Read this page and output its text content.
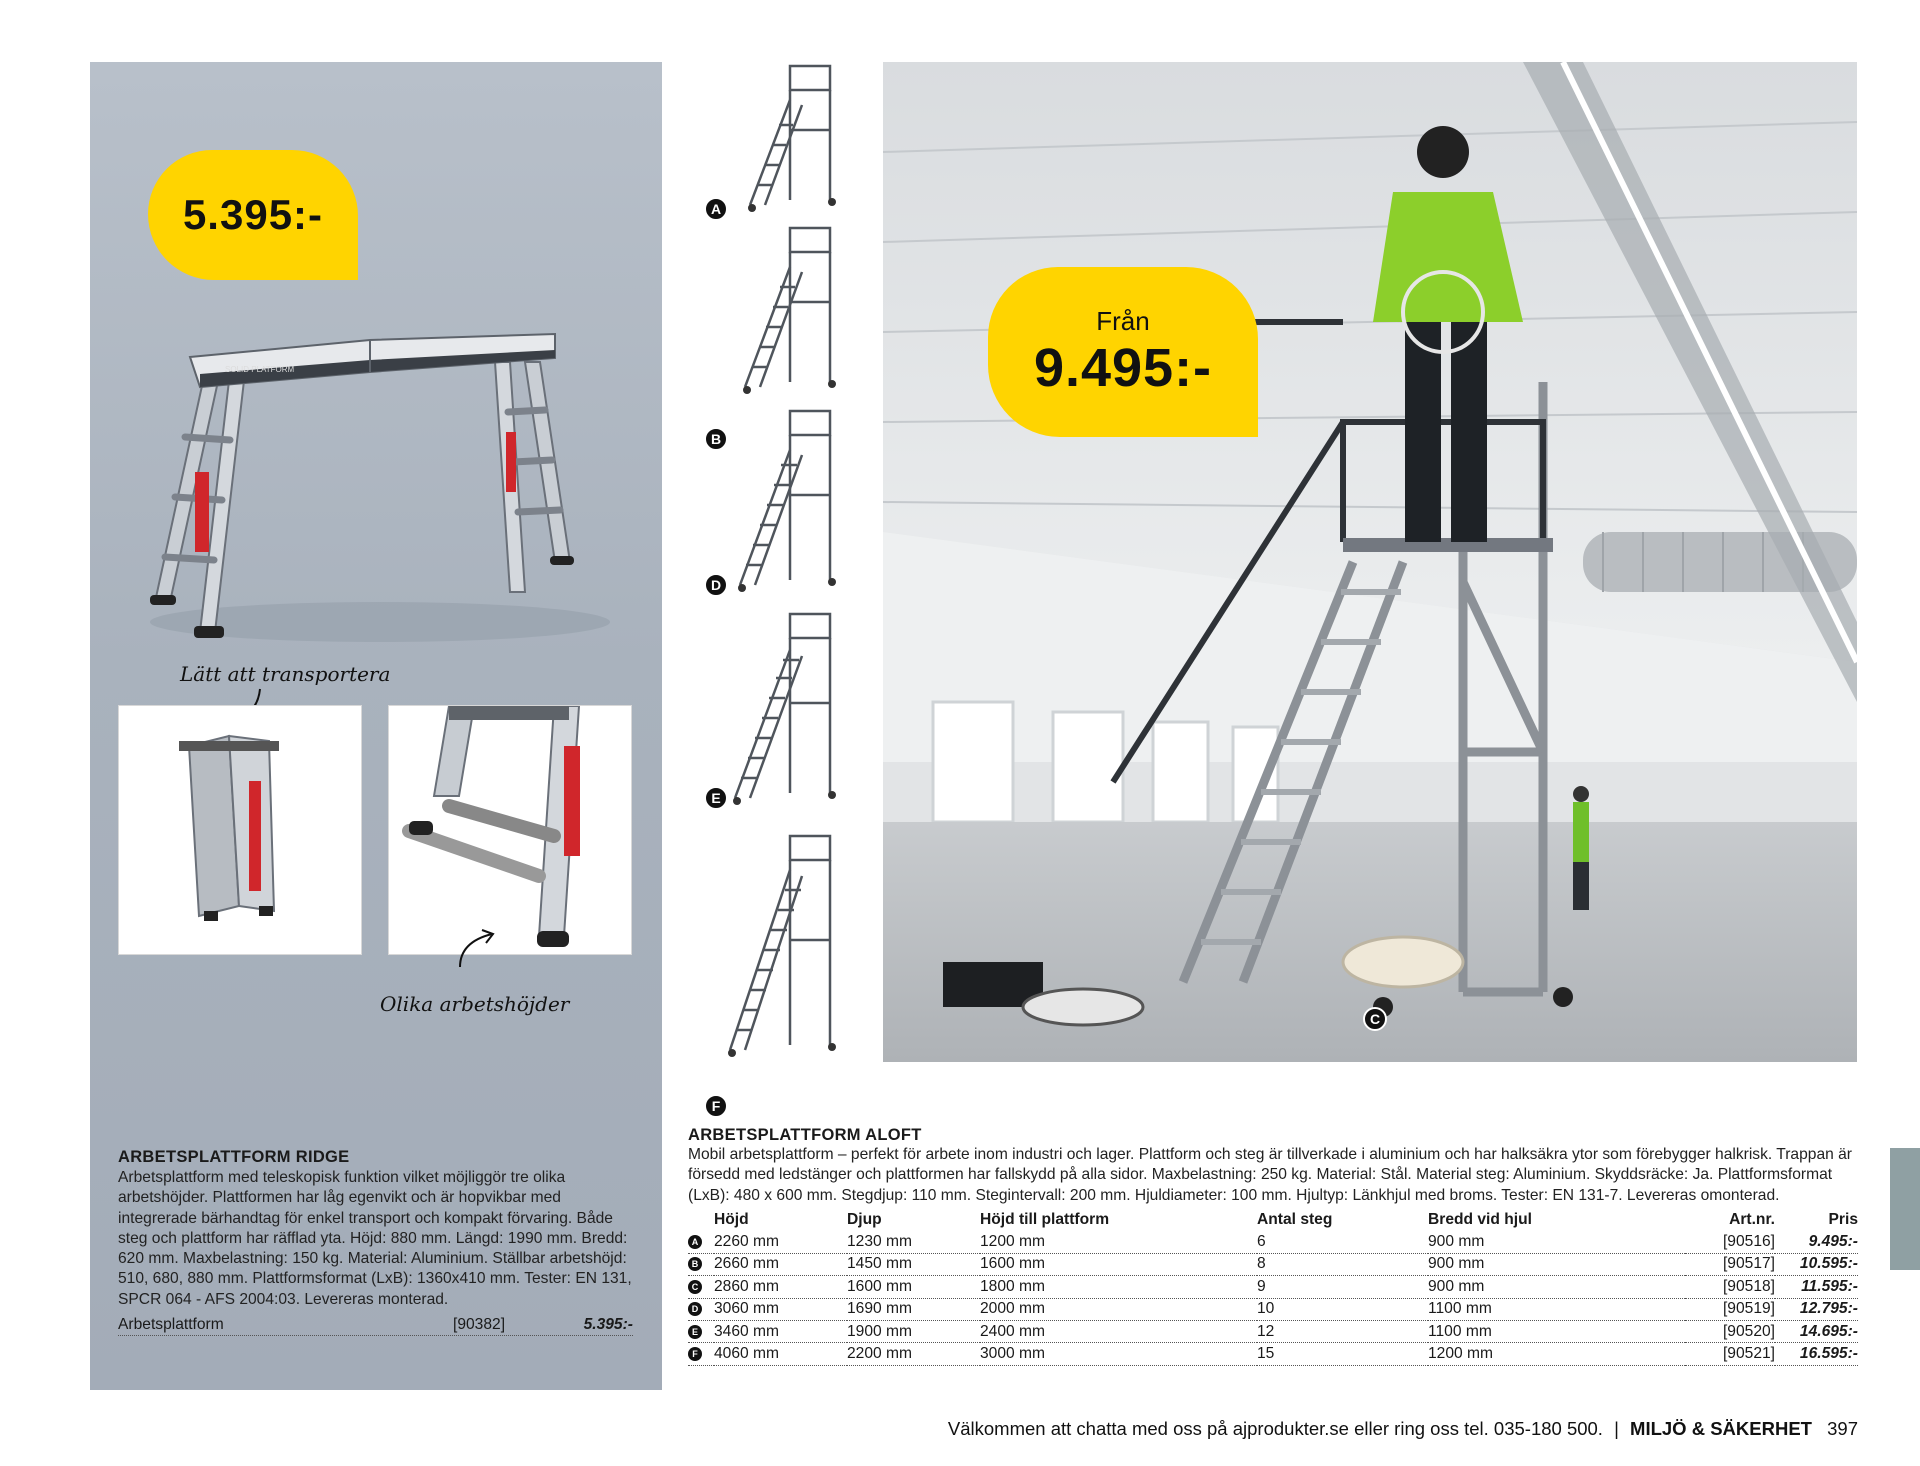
5.395:-
SOLID PLATFORM
Lätt att transportera
Olika arbetshöjder
ARBETSPLATTFORM RIDGE
Arbetsplattform med teleskopisk funktion vilket möjliggör tre olika arbetshöjder. Plattformen har låg egenvikt och är hopvikbar med integrerade bärhandtag för enkel transport och kompakt förvaring. Både steg och plattform har räfflad yta. Höjd: 880 mm. Längd: 1990 mm. Bredd: 620 mm. Maxbelastning: 150 kg. Material: Aluminium. Ställbar arbetshöjd: 510, 680, 880 mm. Plattformsformat (LxB): 1360x410 mm. Tester: EN 131, SPCR 064 - AFS 2004:03. Levereras monterad.
Arbetsplattform	[90382]	5.395:-
A
B
D
E
F
Från
9.495:-
C
ARBETSPLATTFORM ALOFT
Mobil arbetsplattform – perfekt för arbete inom industri och lager. Plattform och steg är tillverkade i aluminium och har halksäkra ytor som förebygger halkrisk. Trappan är försedd med ledstänger och plattformen har fallskydd på alla sidor. Maxbelastning: 250 kg. Material: Stål. Material steg: Aluminium. Skyddsräcke: Ja. Plattformsformat (LxB): 480 x 600 mm. Stegdjup: 110 mm. Stegintervall: 200 mm. Hjuldiameter: 100 mm. Hjultyp: Länkhjul med broms. Tester: EN 131-7. Levereras omonterad.
	Höjd	Djup	Höjd till plattform	Antal steg	Bredd vid hjul	Art.nr.	Pris
A	2260 mm	1230 mm	1200 mm	6	900 mm	[90516]	9.495:-
B	2660 mm	1450 mm	1600 mm	8	900 mm	[90517]	10.595:-
C	2860 mm	1600 mm	1800 mm	9	900 mm	[90518]	11.595:-
D	3060 mm	1690 mm	2000 mm	10	1100 mm	[90519]	12.795:-
E	3460 mm	1900 mm	2400 mm	12	1100 mm	[90520]	14.695:-
F	4060 mm	2200 mm	3000 mm	15	1200 mm	[90521]	16.595:-
Välkommen att chatta med oss på ajprodukter.se eller ring oss tel. 035-180 500. | MILJÖ & SÄKERHET 397
